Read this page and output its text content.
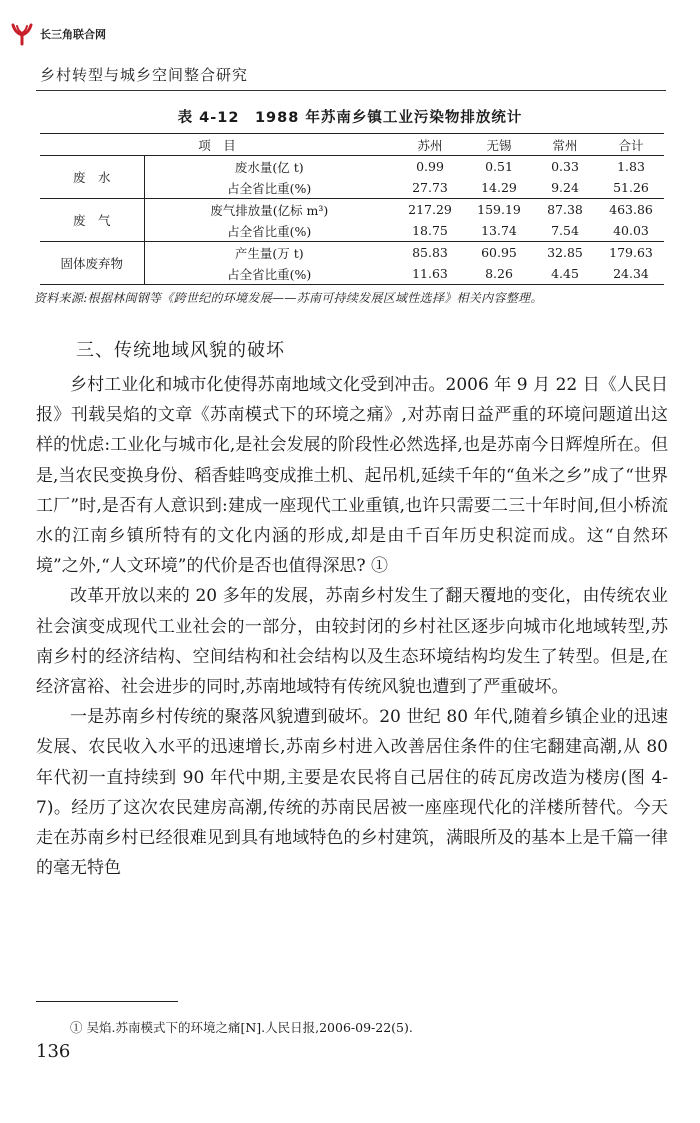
长三角联合网
乡村转型与城乡空间整合研究
表 4-12　1988 年苏南乡镇工业污染物排放统计
项　目		苏州	无锡	常州	合计
废　水	废水量(亿 t)	0.99	0.51	0.33	1.83
	占全省比重(%)	27.73	14.29	9.24	51.26
废　气	废气排放量(亿标 m³)	217.29	159.19	87.38	463.86
	占全省比重(%)	18.75	13.74	7.54	40.03
固体废弃物	产生量(万 t)	85.83	60.95	32.85	179.63
	占全省比重(%)	11.63	8.26	4.45	24.34
资料来源:根据林闽钢等《跨世纪的环境发展——苏南可持续发展区域性选择》相关内容整理。
三、传统地域风貌的破坏

乡村工业化和城市化使得苏南地域文化受到冲击。2006 年 9 月 22 日《人民日报》刊载吴焰的文章《苏南模式下的环境之痛》,对苏南日益严重的环境问题道出这样的忧虑:工业化与城市化,是社会发展的阶段性必然选择,也是苏南今日辉煌所在。但是,当农民变换身份、稻香蛙鸣变成推土机、起吊机,延续千年的“鱼米之乡”成了“世界工厂”时,是否有人意识到:建成一座现代工业重镇,也许只需要二三十年时间,但小桥流水的江南乡镇所特有的文化内涵的形成,却是由千百年历史积淀而成。这“自然环境”之外,“人文环境”的代价是否也值得深思? ①

改革开放以来的 20 多年的发展，苏南乡村发生了翻天覆地的变化，由传统农业社会演变成现代工业社会的一部分，由较封闭的乡村社区逐步向城市化地域转型,苏南乡村的经济结构、空间结构和社会结构以及生态环境结构均发生了转型。但是,在经济富裕、社会进步的同时,苏南地域特有传统风貌也遭到了严重破坏。

一是苏南乡村传统的聚落风貌遭到破坏。20 世纪 80 年代,随着乡镇企业的迅速发展、农民收入水平的迅速增长,苏南乡村进入改善居住条件的住宅翻建高潮,从 80 年代初一直持续到 90 年代中期,主要是农民将自己居住的砖瓦房改造为楼房(图 4-7)。经历了这次农民建房高潮,传统的苏南民居被一座座现代化的洋楼所替代。今天走在苏南乡村已经很难见到具有地域特色的乡村建筑，满眼所及的基本上是千篇一律的毫无特色

① 吴焰.苏南模式下的环境之痛[N].人民日报,2006-09-22(5).
136
